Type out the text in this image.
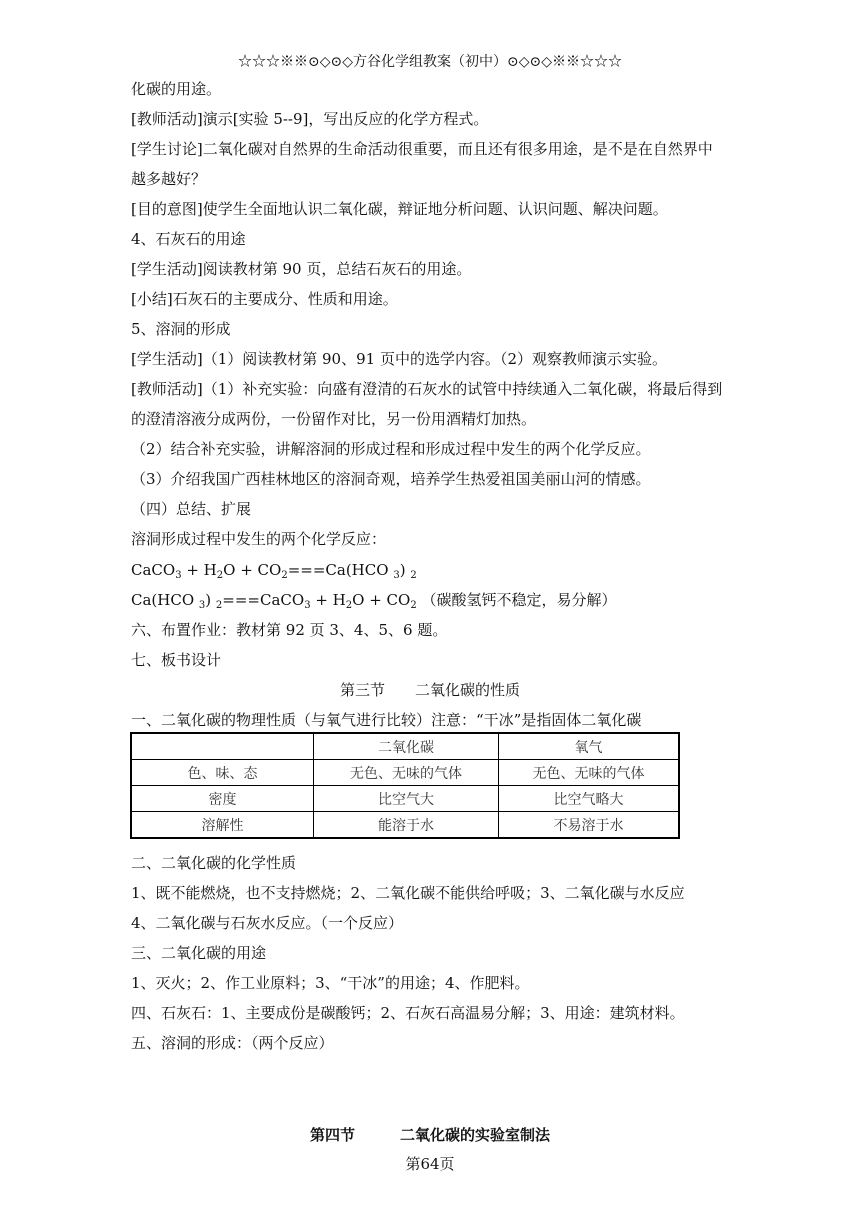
☆☆☆※※⊙◇⊙◇方谷化学组教案（初中）⊙◇⊙◇※※☆☆☆
化碳的用途。
[教师活动]演示[实验 5--9]，写出反应的化学方程式。
[学生讨论]二氧化碳对自然界的生命活动很重要，而且还有很多用途，是不是在自然界中
越多越好？
[目的意图]使学生全面地认识二氧化碳，辩证地分析问题、认识问题、解决问题。
4、石灰石的用途
[学生活动]阅读教材第 90 页，总结石灰石的用途。
[小结]石灰石的主要成分、性质和用途。
5、溶洞的形成
[学生活动]（1）阅读教材第 90、91 页中的选学内容。（2）观察教师演示实验。
[教师活动]（1）补充实验：向盛有澄清的石灰水的试管中持续通入二氧化碳，将最后得到
的澄清溶液分成两份，一份留作对比，另一份用酒精灯加热。
（2）结合补充实验，讲解溶洞的形成过程和形成过程中发生的两个化学反应。
（3）介绍我国广西桂林地区的溶洞奇观，培养学生热爱祖国美丽山河的情感。
（四）总结、扩展
溶洞形成过程中发生的两个化学反应：
CaCO$_3$ + $H_2O + CO_2===Ca(HCO$ $_3$) $_2$
Ca(HCO $_3$) $_2$===CaCO$_3$ + $H_2O + CO_2$ （碳酸氢钙不稳定，易分解）
六、布置作业：教材第 92 页 3、4、5、6 题。
七、板书设计
第三节　　二氧化碳的性质
一、二氧化碳的物理性质（与氧气进行比较）注意：“干冰”是指固体二氧化碳
	二氧化碳	氧气
色、味、态	无色、无味的气体	无色、无味的气体
密度	比空气大	比空气略大
溶解性	能溶于水	不易溶于水
二、二氧化碳的化学性质
1、既不能燃烧，也不支持燃烧；2、二氧化碳不能供给呼吸；3、二氧化碳与水反应
4、二氧化碳与石灰水反应。（一个反应）
三、二氧化碳的用途
1、灭火；2、作工业原料；3、“干冰”的用途；4、作肥料。
四、石灰石：1、主要成份是碳酸钙；2、石灰石高温易分解；3、用途：建筑材料。
五、溶洞的形成：（两个反应）
第四节　　　二氧化碳的实验室制法
第64页
